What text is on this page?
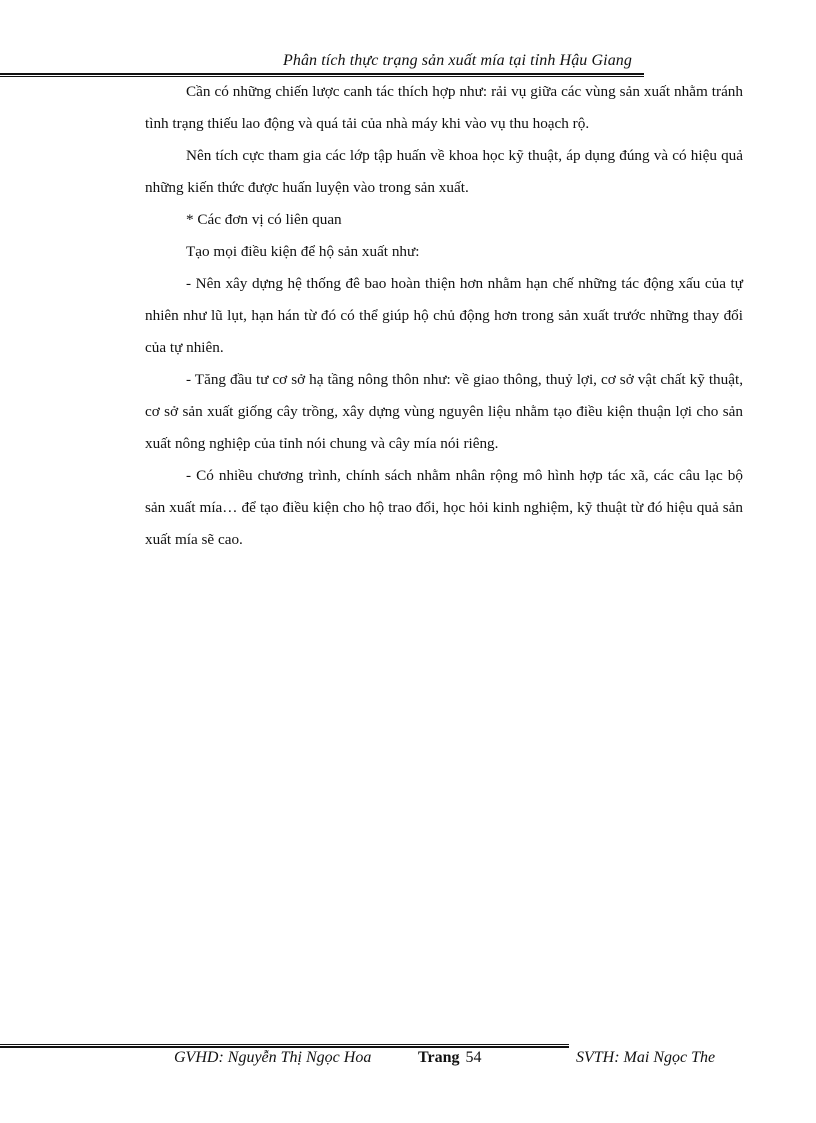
Phân tích thực trạng sản xuất mía tại tỉnh Hậu Giang

Cần có những chiến lược canh tác thích hợp như: rải vụ giữa các vùng sản xuất nhằm tránh tình trạng thiếu lao động và quá tải của nhà máy khi vào vụ thu hoạch rộ.

Nên tích cực tham gia các lớp tập huấn về khoa học kỹ thuật, áp dụng đúng và có hiệu quả những kiến thức được huấn luyện vào trong sản xuất.

* Các đơn vị có liên quan

Tạo mọi điều kiện để hộ sản xuất như:

- Nên xây dựng hệ thống đê bao hoàn thiện hơn nhằm hạn chế những tác động xấu của tự nhiên như lũ lụt, hạn hán từ đó có thể giúp hộ chủ động hơn trong sản xuất trước những thay đổi của tự nhiên.

- Tăng đầu tư cơ sở hạ tầng nông thôn như: về giao thông, thuỷ lợi, cơ sở vật chất kỹ thuật, cơ sở sản xuất giống cây trồng, xây dựng vùng nguyên liệu nhằm tạo điều kiện thuận lợi cho sản xuất nông nghiệp của tỉnh nói chung và cây mía nói riêng.

- Có nhiều chương trình, chính sách nhằm nhân rộng mô hình hợp tác xã, các câu lạc bộ sản xuất mía… để tạo điều kiện cho hộ trao đổi, học hỏi kinh nghiệm, kỹ thuật từ đó hiệu quả sản xuất mía sẽ cao.

GVHD: Nguyễn Thị Ngọc Hoa	Trang 54	SVTH: Mai Ngọc The
